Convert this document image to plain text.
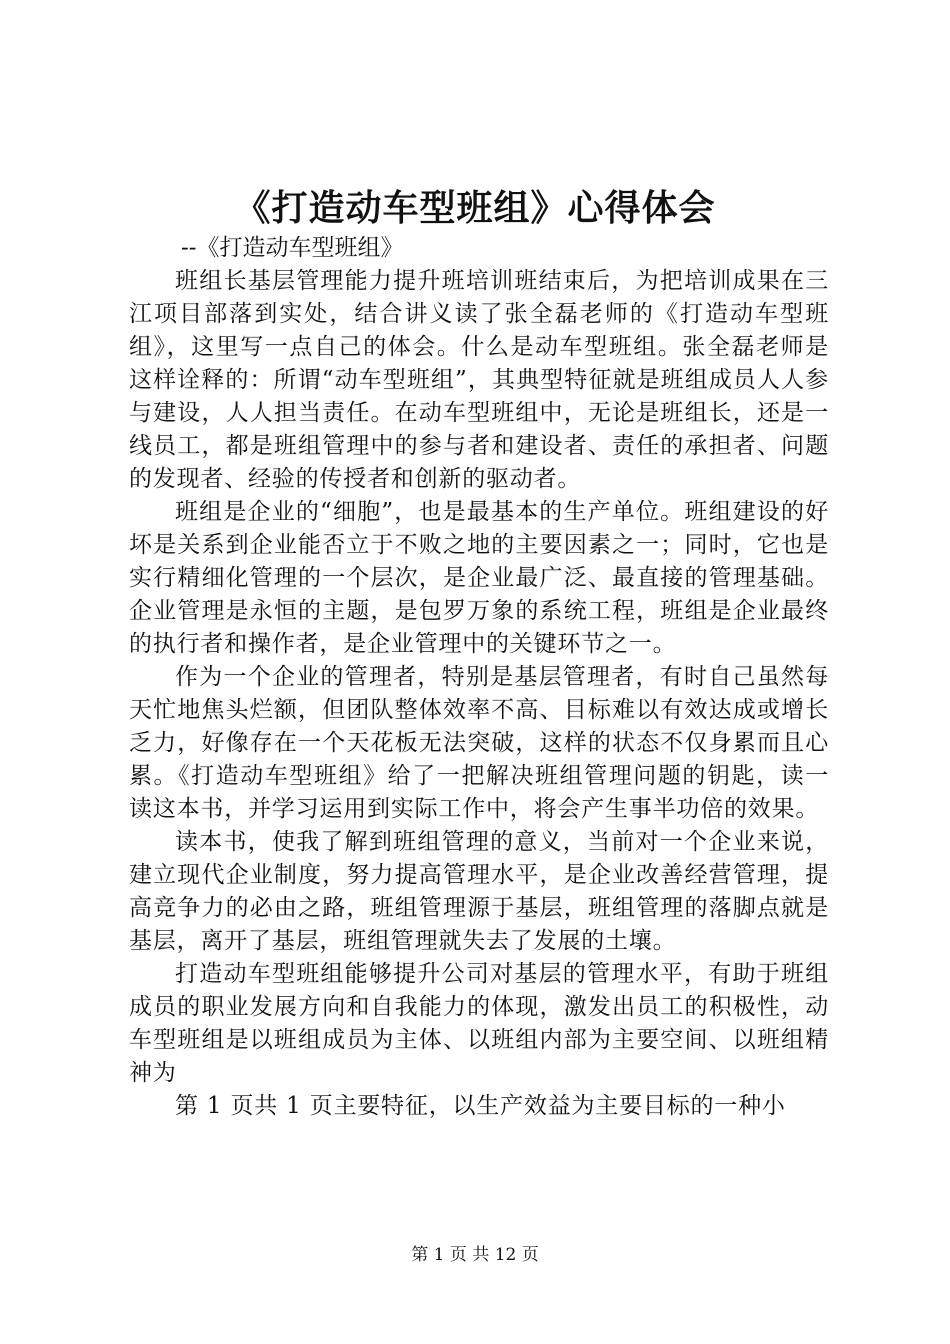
《打造动车型班组》心得体会
--《打造动车型班组》

班组长基层管理能力提升班培训班结束后，为把培训成果在三江项目部落到实处，结合讲义读了张全磊老师的《打造动车型班组》，这里写一点自己的体会。什么是动车型班组。张全磊老师是这样诠释的：所谓“动车型班组”，其典型特征就是班组成员人人参与建设，人人担当责任。在动车型班组中，无论是班组长，还是一线员工，都是班组管理中的参与者和建设者、责任的承担者、问题的发现者、经验的传授者和创新的驱动者。

班组是企业的“细胞”，也是最基本的生产单位。班组建设的好坏是关系到企业能否立于不败之地的主要因素之一；同时，它也是实行精细化管理的一个层次，是企业最广泛、最直接的管理基础。企业管理是永恒的主题，是包罗万象的系统工程，班组是企业最终的执行者和操作者，是企业管理中的关键环节之一。

作为一个企业的管理者，特别是基层管理者，有时自己虽然每天忙地焦头烂额，但团队整体效率不高、目标难以有效达成或增长乏力，好像存在一个天花板无法突破，这样的状态不仅身累而且心累。《打造动车型班组》给了一把解决班组管理问题的钥匙，读一读这本书，并学习运用到实际工作中，将会产生事半功倍的效果。

读本书，使我了解到班组管理的意义，当前对一个企业来说，建立现代企业制度，努力提高管理水平，是企业改善经营管理，提高竞争力的必由之路，班组管理源于基层，班组管理的落脚点就是基层，离开了基层，班组管理就失去了发展的土壤。

打造动车型班组能够提升公司对基层的管理水平，有助于班组成员的职业发展方向和自我能力的体现，激发出员工的积极性，动车型班组是以班组成员为主体、以班组内部为主要空间、以班组精神为

第 1 页共 1 页主要特征，以生产效益为主要目标的一种小

第 1 页 共 12 页
